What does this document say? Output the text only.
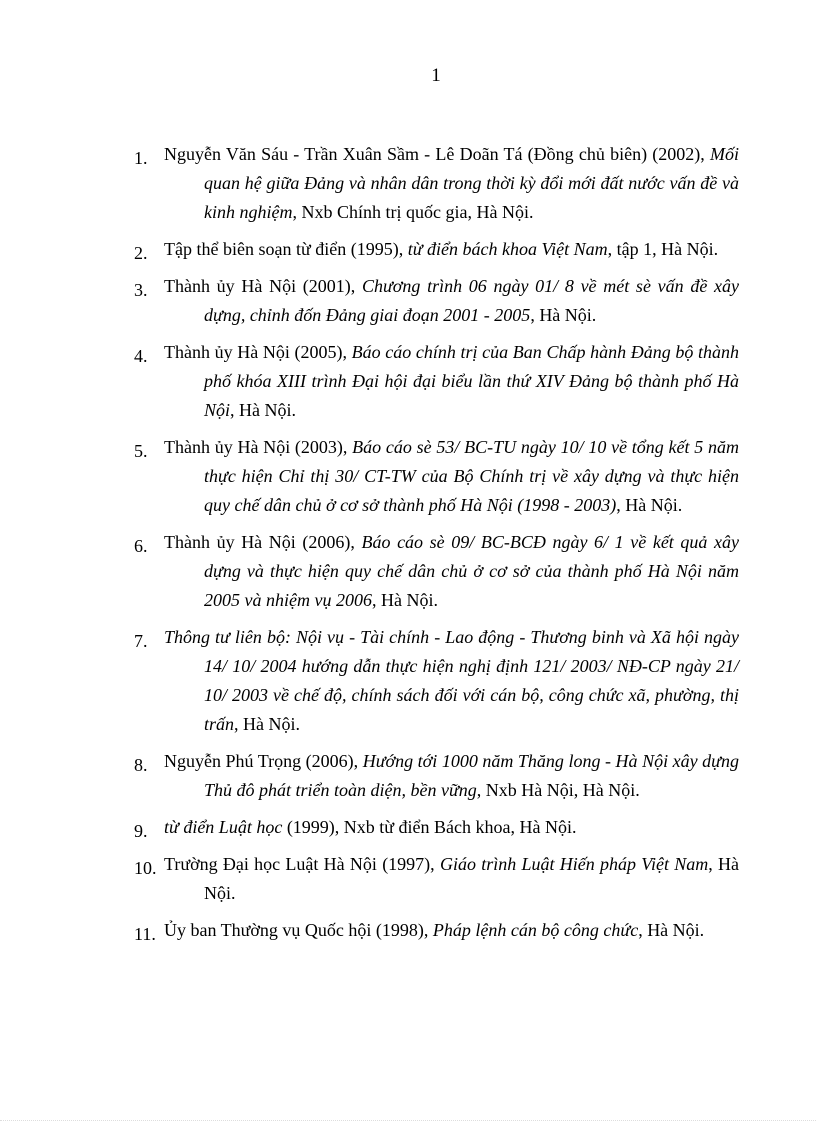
1
1. Nguyễn Văn Sáu - Trần Xuân Sầm - Lê Doãn Tá (Đồng chủ biên) (2002), Mối quan hệ giữa Đảng và nhân dân trong thời kỳ đổi mới đất nước vấn đề và kinh nghiệm, Nxb Chính trị quốc gia, Hà Nội.
2. Tập thể biên soạn từ điển (1995), từ điển bách khoa Việt Nam, tập 1, Hà Nội.
3. Thành ủy Hà Nội (2001), Chương trình 06 ngày 01/ 8 về mét sè vấn đề xây dựng, chỉnh đốn Đảng giai đoạn 2001 - 2005, Hà Nội.
4. Thành ủy Hà Nội (2005), Báo cáo chính trị của Ban Chấp hành Đảng bộ thành phố khóa XIII trình Đại hội đại biểu lần thứ XIV Đảng bộ thành phố Hà Nội, Hà Nội.
5. Thành ủy Hà Nội (2003), Báo cáo sè 53/ BC-TU ngày 10/ 10 về tổng kết 5 năm thực hiện Chỉ thị 30/ CT-TW của Bộ Chính trị về xây dựng và thực hiện quy chế dân chủ ở cơ sở thành phố Hà Nội (1998 - 2003), Hà Nội.
6. Thành ủy Hà Nội (2006), Báo cáo sè 09/ BC-BCĐ ngày 6/ 1 về kết quả xây dựng và thực hiện quy chế dân chủ ở cơ sở của thành phố Hà Nội năm 2005 và nhiệm vụ 2006, Hà Nội.
7. Thông tư liên bộ: Nội vụ - Tài chính - Lao động - Thương binh và Xã hội ngày 14/ 10/ 2004 hướng dẫn thực hiện nghị định 121/ 2003/ NĐ-CP ngày 21/ 10/ 2003 về chế độ, chính sách đối với cán bộ, công chức xã, phường, thị trấn, Hà Nội.
8. Nguyễn Phú Trọng (2006), Hướng tới 1000 năm Thăng long - Hà Nội xây dựng Thủ đô phát triển toàn diện, bền vững, Nxb Hà Nội, Hà Nội.
9. từ điển Luật học (1999), Nxb từ điển Bách khoa, Hà Nội.
10. Trường Đại học Luật Hà Nội (1997), Giáo trình Luật Hiến pháp Việt Nam, Hà Nội.
11. Ủy ban Thường vụ Quốc hội (1998), Pháp lệnh cán bộ công chức, Hà Nội.
